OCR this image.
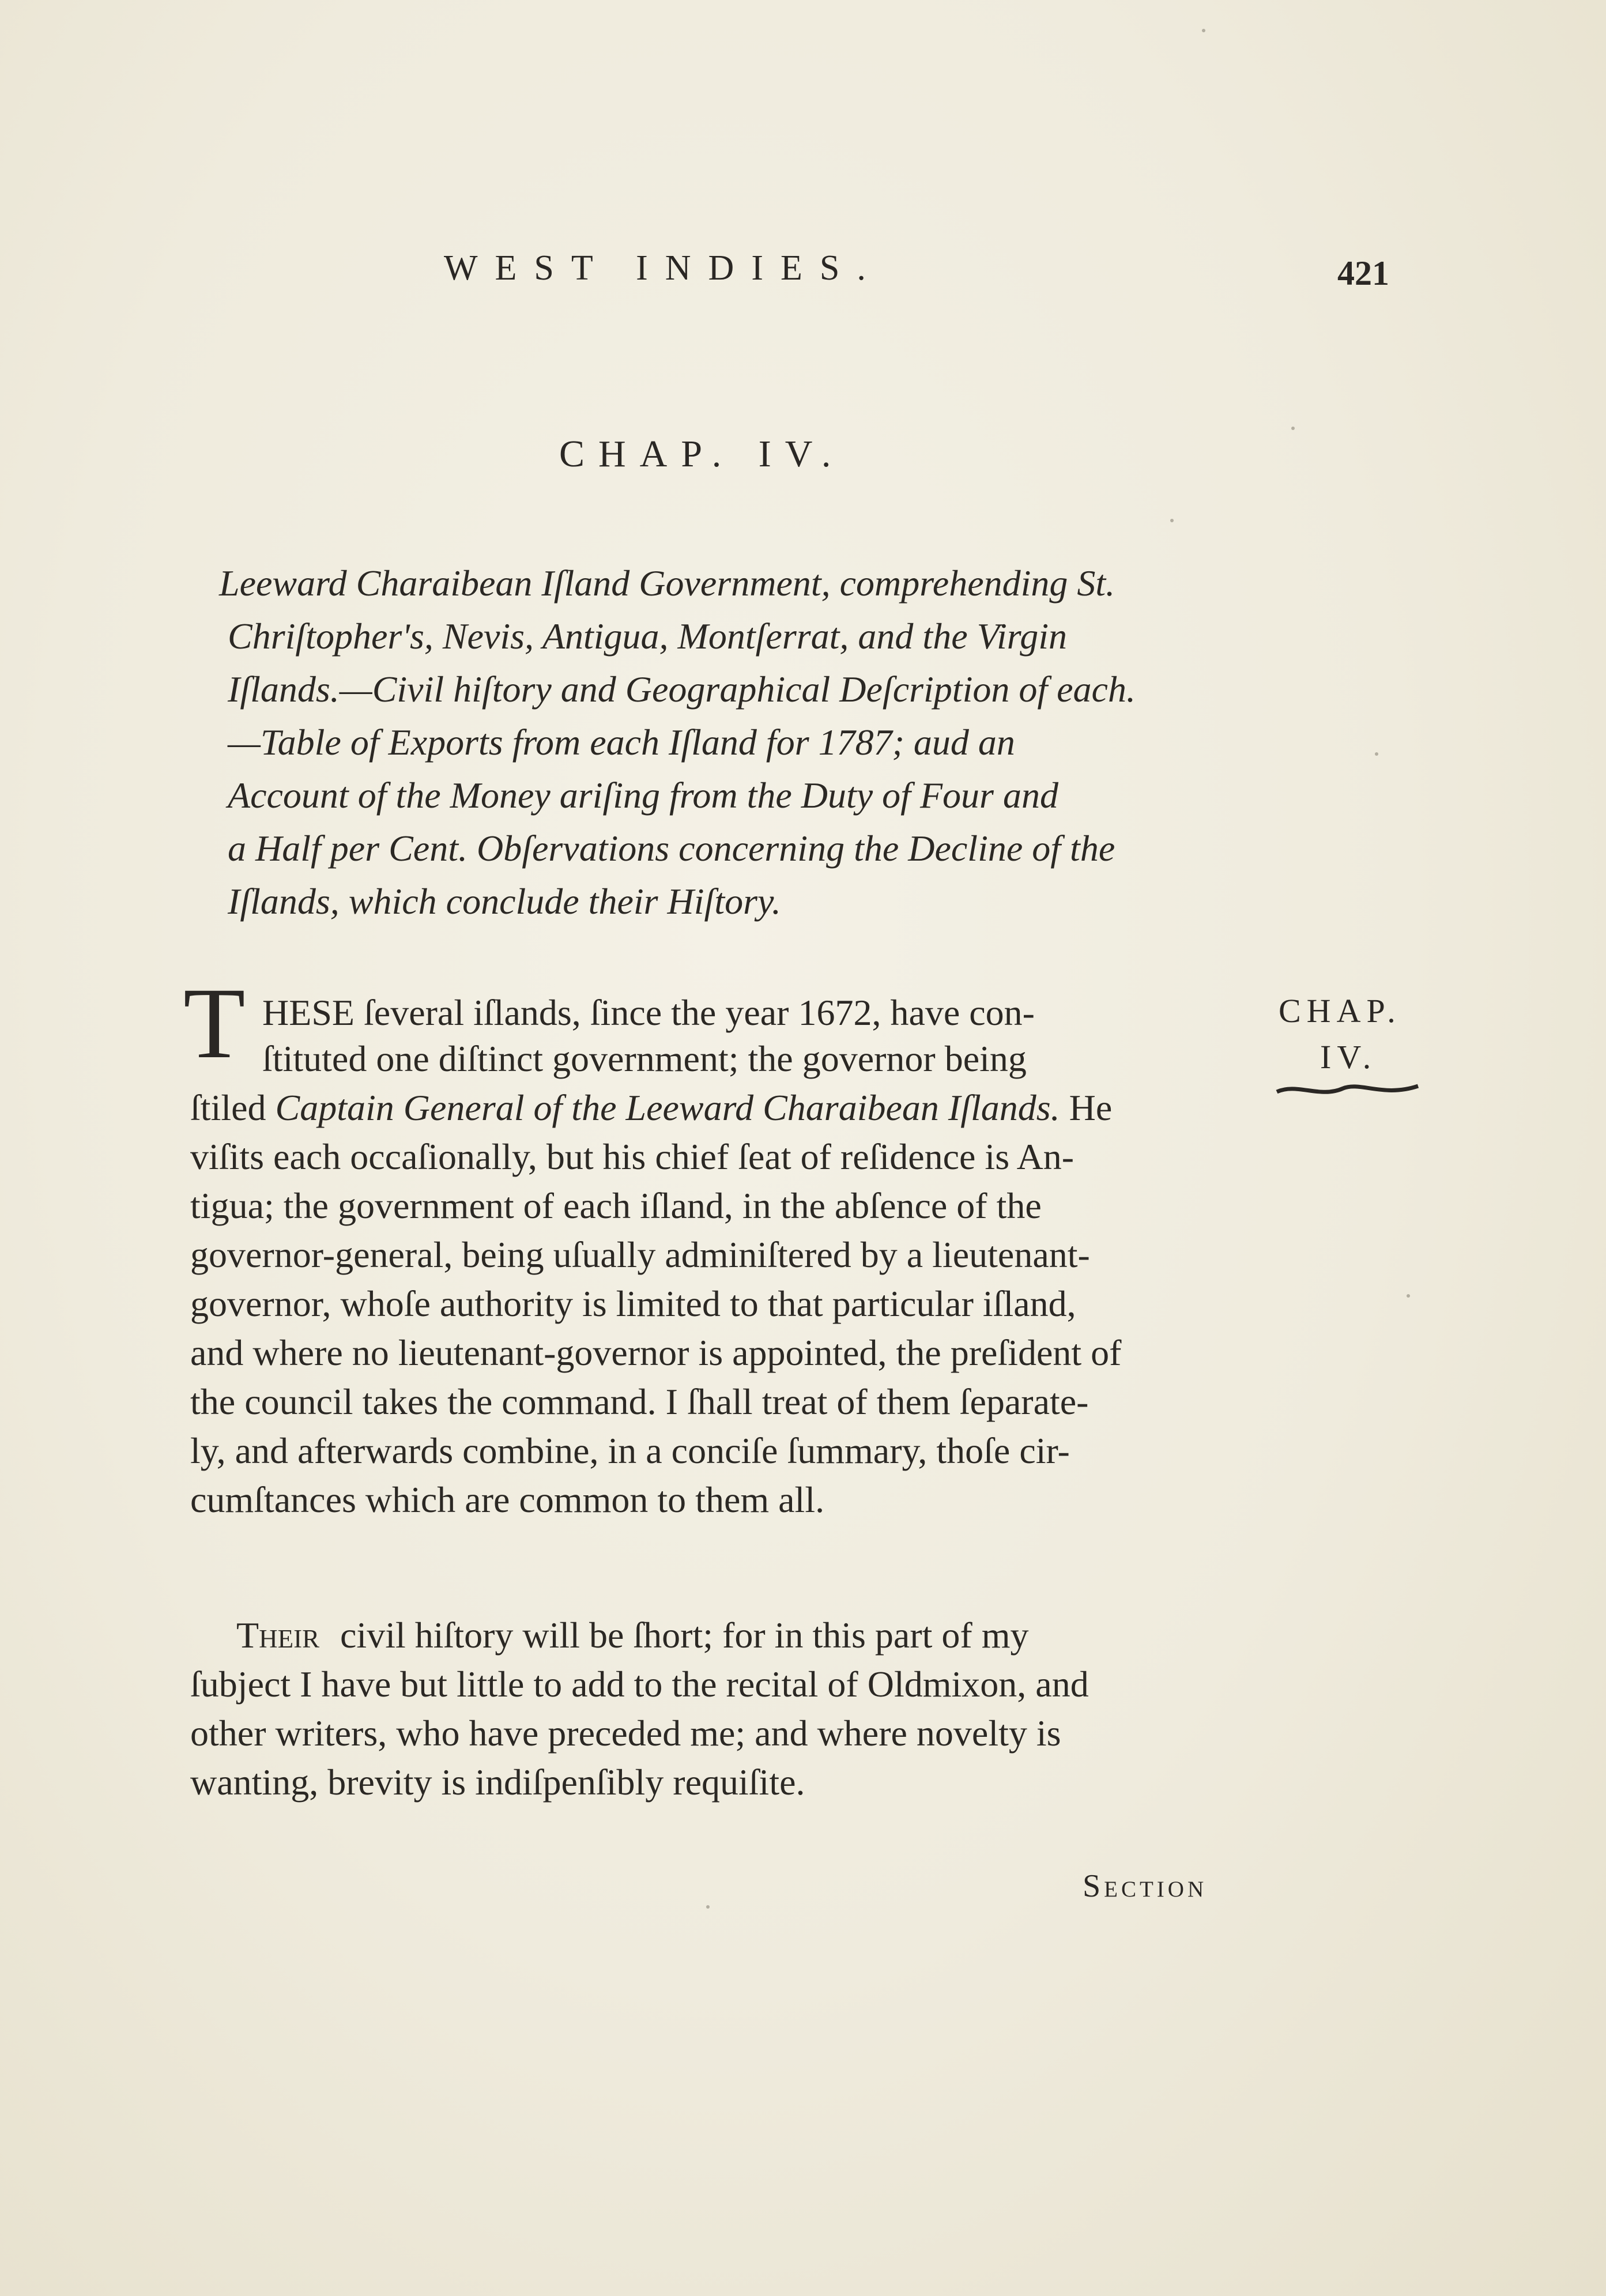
WEST INDIES.	421
CHAP. IV.
Leeward Charaibean Iſland Government, comprehending St.
Chriſtopher's, Nevis, Antigua, Montſerrat, and the Virgin
Iſlands.—Civil hiſtory and Geographical Deſcription of each.
—Table of Exports from each Iſland for 1787; aud an
Account of the Money ariſing from the Duty of Four and
a Half per Cent. Obſervations concerning the Decline of the
Iſlands, which conclude their Hiſtory.
T HESE ſeveral iſlands, ſince the year 1672, have con-
ſtituted one diſtinct government; the governor being
ſtiled Captain General of the Leeward Charaibean Iſlands. He
viſits each occaſionally, but his chief ſeat of reſidence is An-
tigua; the government of each iſland, in the abſence of the
governor-general, being uſually adminiſtered by a lieutenant-
governor, whoſe authority is limited to that particular iſland,
and where no lieutenant-governor is appointed, the preſident of
the council takes the command. I ſhall treat of them ſeparate-
ly, and afterwards combine, in a conciſe ſummary, thoſe cir-
cumſtances which are common to them all.
CHAP.
IV.
Their civil hiſtory will be ſhort; for in this part of my
ſubject I have but little to add to the recital of Oldmixon, and
other writers, who have preceded me; and where novelty is
wanting, brevity is indiſpenſibly requiſite.
Section
